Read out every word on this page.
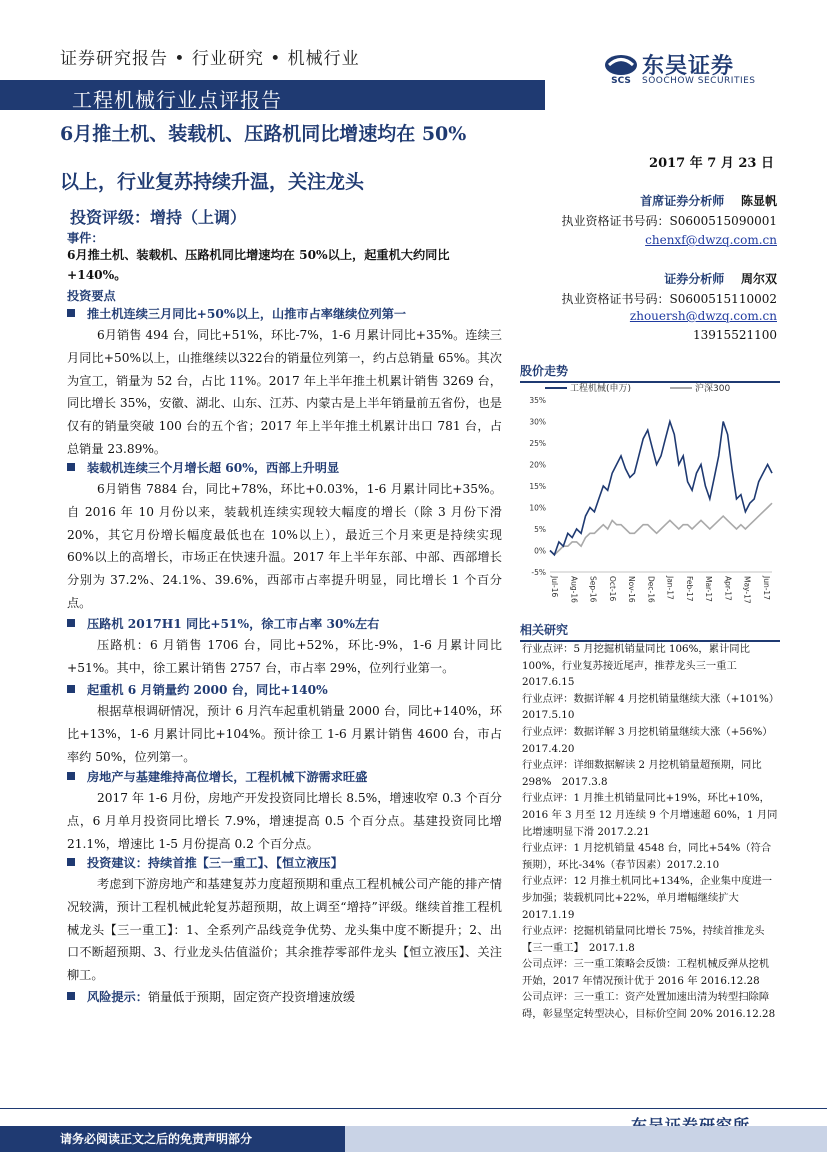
证券研究报告 • 行业研究 • 机械行业
工程机械行业点评报告
SCS
东吴证券
SOOCHOW SECURITIES
6月推土机、装载机、压路机同比增速均在 50%
以上，行业复苏持续升温，关注龙头
2017 年 7 月 23 日
投资评级：增持（上调）
事件：
6月推土机、装载机、压路机同比增速均在 50%以上，起重机大约同比+140%。
投资要点
推土机连续三月同比+50%以上，山推市占率继续位列第一
6月销售 494 台，同比+51%，环比-7%，1-6 月累计同比+35%。连续三月同比+50%以上，山推继续以322台的销量位列第一，约占总销量 65%。其次为宣工，销量为 52 台，占比 11%。2017 年上半年推土机累计销售 3269 台，同比增长 35%，安徽、湖北、山东、江苏、内蒙古是上半年销量前五省份，也是仅有的销量突破 100 台的五个省；2017 年上半年推土机累计出口 781 台，占总销量 23.89%。
装载机连续三个月增长超 60%，西部上升明显
6月销售 7884 台，同比+78%，环比+0.03%，1-6 月累计同比+35%。自 2016 年 10 月份以来，装载机连续实现较大幅度的增长（除 3 月份下滑 20%，其它月份增长幅度最低也在 10%以上），最近三个月来更是持续实现 60%以上的高增长，市场正在快速升温。2017 年上半年东部、中部、西部增长分别为 37.2%、24.1%、39.6%，西部市占率提升明显，同比增长 1 个百分点。
压路机 2017H1 同比+51%，徐工市占率 30%左右
压路机：6 月销售 1706 台，同比+52%，环比-9%，1-6 月累计同比+51%。其中，徐工累计销售 2757 台，市占率 29%，位列行业第一。
起重机 6 月销量约 2000 台，同比+140%
根据草根调研情况，预计 6 月汽车起重机销量 2000 台，同比+140%，环比+13%，1-6 月累计同比+104%。预计徐工 1-6 月累计销售 4600 台，市占率约 50%，位列第一。
房地产与基建维持高位增长，工程机械下游需求旺盛
2017 年 1-6 月份，房地产开发投资同比增长 8.5%，增速收窄 0.3 个百分点，6 月单月投资同比增长 7.9%，增速提高 0.5 个百分点。基建投资同比增 21.1%，增速比 1-5 月份提高 0.2 个百分点。
投资建议：持续首推【三一重工】、【恒立液压】
考虑到下游房地产和基建复苏力度超预期和重点工程机械公司产能的排产情况较满，预计工程机械此轮复苏超预期，故上调至“增持”评级。继续首推工程机械龙头【三一重工】：1、全系列产品线竞争优势、龙头集中度不断提升；2、出口不断超预期、3、行业龙头估值溢价；其余推荐零部件龙头【恒立液压】、关注柳工。
风险提示：销量低于预期，固定资产投资增速放缓
首席证券分析师 陈显帆
执业资格证书号码：S0600515090001
chenxf@dwzq.com.cn
证券分析师 周尔双
执业资格证书号码：S0600515110002
zhouersh@dwzq.com.cn
13915521100
股价走势
工程机械(申万)	沪深300
35%
30%
25%
20%
15%
10%
5%
0%
-5%
Jul-16 Aug-16 Sep-16 Oct-16 Nov-16 Dec-16 Jan-17 Feb-17 Mar-17 Apr-17 May-17 Jun-17
相关研究
行业点评：5 月挖掘机销量同比 106%，累计同比 100%，行业复苏接近尾声，推荐龙头三一重工　2017.6.15
行业点评：数据详解 4 月挖机销量继续大涨（+101%）　2017.5.10
行业点评：数据详解 3 月挖机销量继续大涨（+56%）　2017.4.20
行业点评：详细数据解读 2 月挖机销量超预期，同比 298%　2017.3.8
行业点评：1 月推土机销量同比+19%，环比+10%，2016 年 3 月至 12 月连续 9 个月增速超 60%，1 月同比增速明显下滑 2017.2.21
行业点评：1 月挖机销量 4548 台，同比+54%（符合预期），环比-34%（春节因素）2017.2.10
行业点评：12 月推土机同比+134%，企业集中度进一步加强；装载机同比+22%，单月增幅继续扩大　2017.1.19
行业点评：挖掘机销量同比增长 75%，持续首推龙头【三一重工】　2017.1.8
公司点评：三一重工策略会反馈：工程机械反弹从挖机开始，2017 年情况预计优于 2016 年 2016.12.28
公司点评：三一重工：资产处置加速出清为转型扫除障碍，彰显坚定转型决心，目标价空间 20% 2016.12.28
请务必阅读正文之后的免责声明部分
